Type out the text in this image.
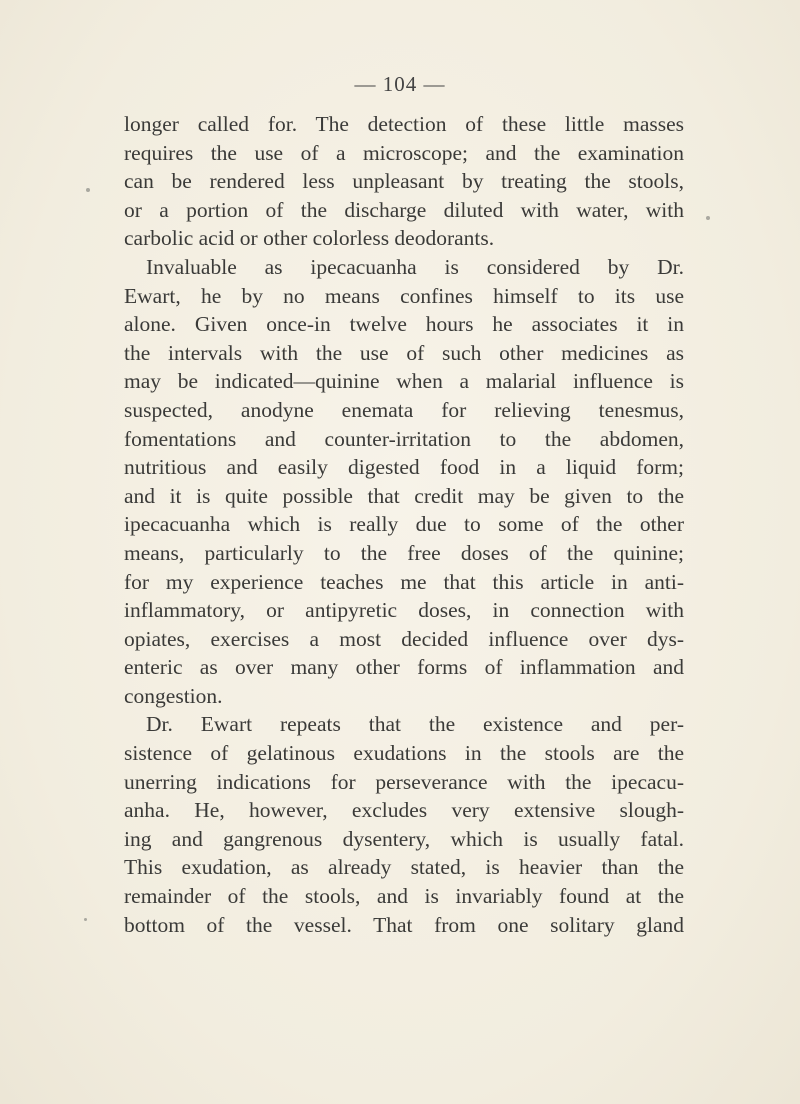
— 104 —
longer called for. The detection of these little masses
requires the use of a microscope; and the examination
can be rendered less unpleasant by treating the stools,
or a portion of the discharge diluted with water, with
carbolic acid or other colorless deodorants.
Invaluable as ipecacuanha is considered by Dr.
Ewart, he by no means confines himself to its use
alone. Given once-in twelve hours he associates it in
the intervals with the use of such other medicines as
may be indicated—quinine when a malarial influence is
suspected, anodyne enemata for relieving tenesmus,
fomentations and counter-irritation to the abdomen,
nutritious and easily digested food in a liquid form;
and it is quite possible that credit may be given to the
ipecacuanha which is really due to some of the other
means, particularly to the free doses of the quinine;
for my experience teaches me that this article in anti-
inflammatory, or antipyretic doses, in connection with
opiates, exercises a most decided influence over dys-
enteric as over many other forms of inflammation and
congestion.
Dr. Ewart repeats that the existence and per-
sistence of gelatinous exudations in the stools are the
unerring indications for perseverance with the ipecacu-
anha. He, however, excludes very extensive slough-
ing and gangrenous dysentery, which is usually fatal.
This exudation, as already stated, is heavier than the
remainder of the stools, and is invariably found at the
bottom of the vessel. That from one solitary gland
